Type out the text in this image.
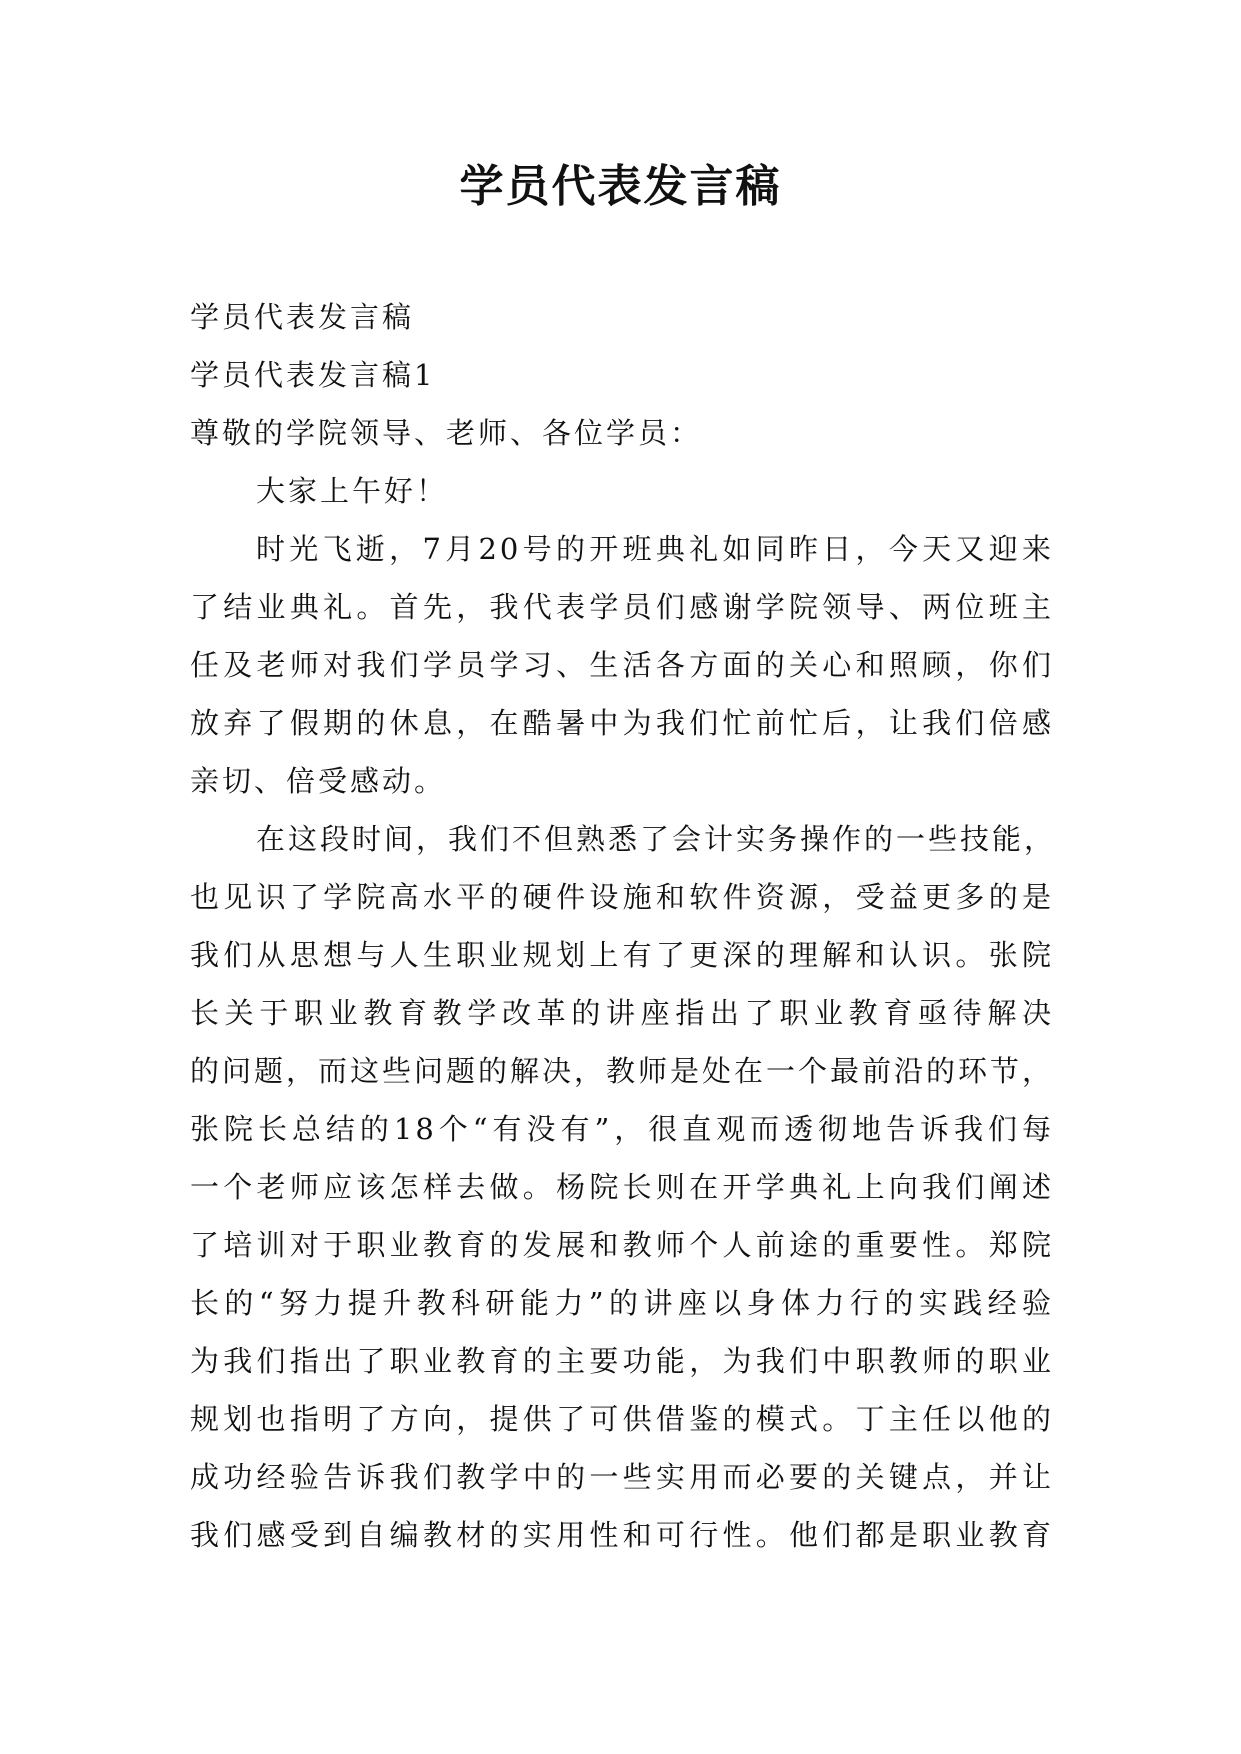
学员代表发言稿
学员代表发言稿
学员代表发言稿1
尊敬的学院领导、老师、各位学员：
大家上午好！
时光飞逝，7月20号的开班典礼如同昨日，今天又迎来
了结业典礼。首先，我代表学员们感谢学院领导、两位班主
任及老师对我们学员学习、生活各方面的关心和照顾，你们
放弃了假期的休息，在酷暑中为我们忙前忙后，让我们倍感
亲切、倍受感动。
在这段时间，我们不但熟悉了会计实务操作的一些技能，
也见识了学院高水平的硬件设施和软件资源，受益更多的是
我们从思想与人生职业规划上有了更深的理解和认识。张院
长关于职业教育教学改革的讲座指出了职业教育亟待解决
的问题，而这些问题的解决，教师是处在一个最前沿的环节，
张院长总结的18个“有没有”，很直观而透彻地告诉我们每
一个老师应该怎样去做。杨院长则在开学典礼上向我们阐述
了培训对于职业教育的发展和教师个人前途的重要性。郑院
长的“努力提升教科研能力”的讲座以身体力行的实践经验
为我们指出了职业教育的主要功能，为我们中职教师的职业
规划也指明了方向，提供了可供借鉴的模式。丁主任以他的
成功经验告诉我们教学中的一些实用而必要的关键点，并让
我们感受到自编教材的实用性和可行性。他们都是职业教育
